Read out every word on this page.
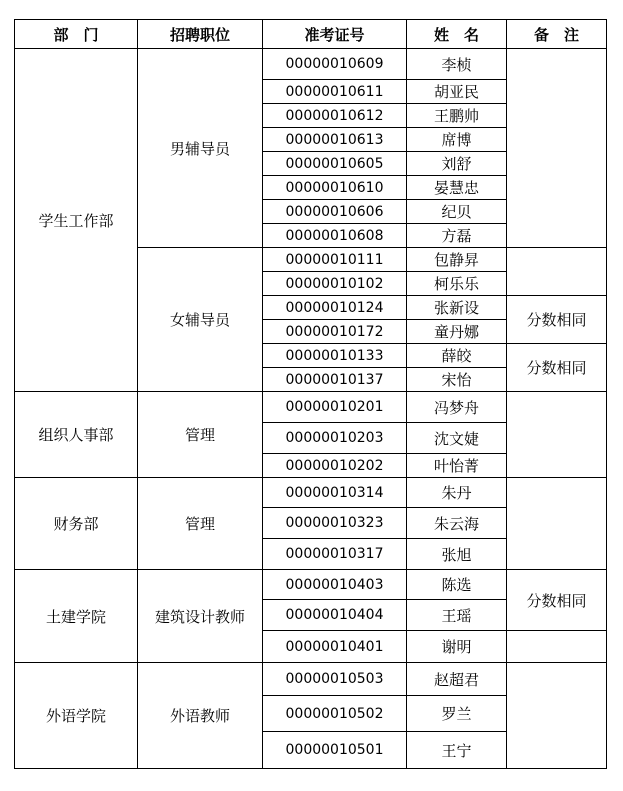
部　门	招聘职位	准考证号	姓　名	备　注
学生工作部	男辅导员	00000010609	李桢	
		00000010611	胡亚民	
		00000010612	王鹏帅	
		00000010613	席博	
		00000010605	刘舒	
		00000010610	晏慧忠	
		00000010606	纪贝	
		00000010608	方磊	
	女辅导员	00000010111	包静昇	
		00000010102	柯乐乐	
		00000010124	张新设	分数相同
		00000010172	童丹娜	
		00000010133	薛皎	分数相同
		00000010137	宋怡	
组织人事部	管理	00000010201	冯梦舟	
		00000010203	沈文婕	
		00000010202	叶怡菁	
财务部	管理	00000010314	朱丹	
		00000010323	朱云海	
		00000010317	张旭	
土建学院	建筑设计教师	00000010403	陈选	分数相同
		00000010404	王瑶	
		00000010401	谢明	
外语学院	外语教师	00000010503	赵超君	
		00000010502	罗兰	
		00000010501	王宁	
